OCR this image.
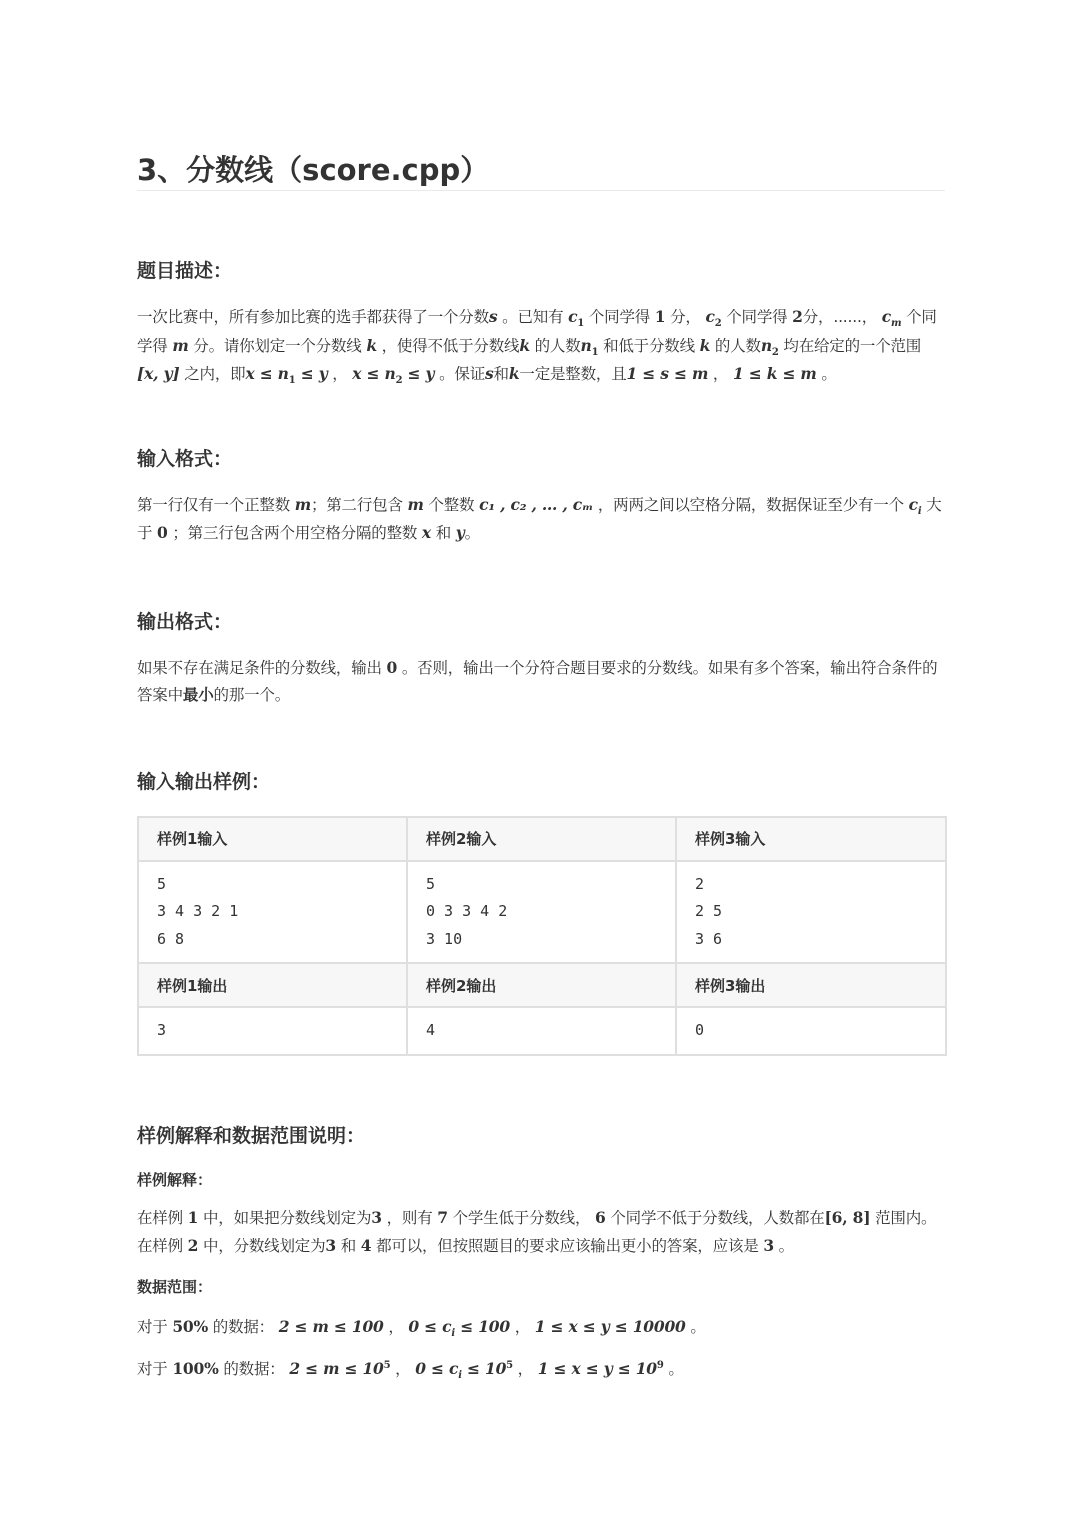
3、分数线（score.cpp）
题目描述：

一次比赛中，所有参加比赛的选手都获得了一个分数s 。已知有 $c_1$ 个同学得 1 分， $c_2$ 个同学得 2分，......， $c_m$ 个同学得 m 分。请你划定一个分数线 k ，使得不低于分数线k 的人数$n_1$ 和低于分数线 k 的人数$n_2$ 均在给定的一个范围 [x, y] 之内，即$x \le n_1 \le y$ ， $x \le n_2 \le y$ 。保证s和k一定是整数，且1 ≤ s ≤ m ， 1 ≤ k ≤ m 。

输入格式：

第一行仅有一个正整数 m；第二行包含 m 个整数 c₁ , c₂ , … , cₘ ，两两之间以空格分隔，数据保证至少有一个 $c_i$ 大于 0 ；第三行包含两个用空格分隔的整数 x 和 y。

输出格式：

如果不存在满足条件的分数线，输出 0 。否则，输出一个分符合题目要求的分数线。如果有多个答案，输出符合条件的答案中最小的那一个。

输入输出样例：
样例1输入	样例2输入	样例3输入

5
3 4 3 2 1
6 8	5
0 3 3 4 2
3 10	2
2 5
3 6

样例1输出	样例2输出	样例3输出
3	4	0
样例解释和数据范围说明：
样例解释：

在样例 1 中，如果把分数线划定为3 ，则有 7 个学生低于分数线， 6 个同学不低于分数线，人数都在[6, 8] 范围内。在样例 2 中，分数线划定为3 和 4 都可以，但按照题目的要求应该输出更小的答案，应该是 3 。

数据范围：

对于 50% 的数据： 2 ≤ m ≤ 100 ， $0 \le c_i \le 100$ ， 1 ≤ x ≤ y ≤ 10000 。

对于 100% 的数据： $2 \le m \le 10^5$ ， $0 \le c_i \le 10^5$ ， $1 \le x \le y \le 10^9$ 。
